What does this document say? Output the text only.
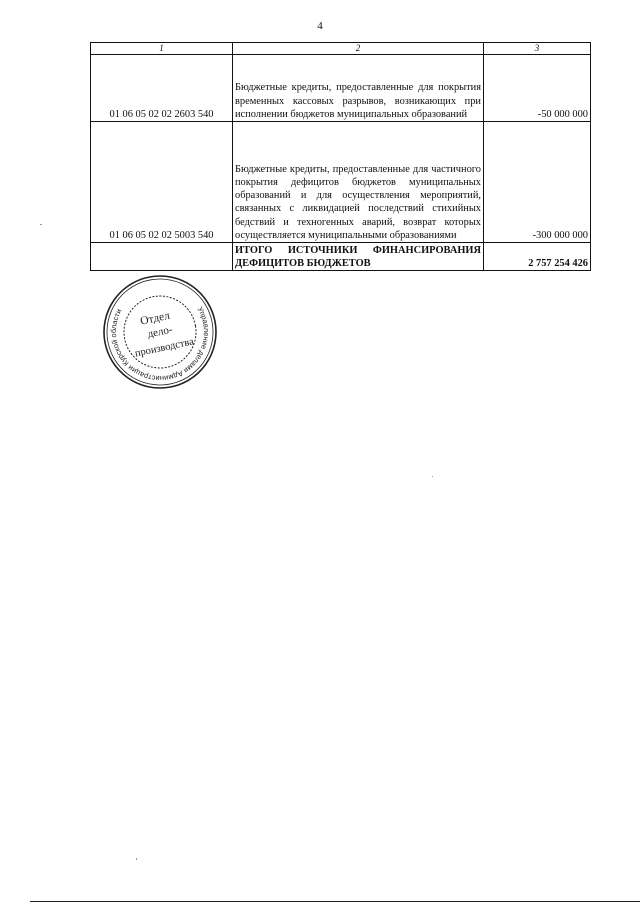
4
1	2	3
01 06 05 02 02 2603 540	Бюджетные кредиты, предоставленные для покрытия временных кассовых разрывов, возникающих при исполнении бюджетов муниципальных образований	-50 000 000
01 06 05 02 02 5003 540	Бюджетные кредиты, предоставленные для частичного покрытия дефицитов бюджетов муниципальных образований и для осуществления мероприятий, связанных с ликвидацией последствий стихийных бедствий и техногенных аварий, возврат которых осуществляется муниципальными образованиями	-300 000 000
	ИТОГО ИСТОЧНИКИ ФИНАНСИРОВАНИЯ ДЕФИЦИТОВ БЮДЖЕТОВ	2 757 254 426
Управление делами Администрации Курской области	Отдел
дело-
производства
